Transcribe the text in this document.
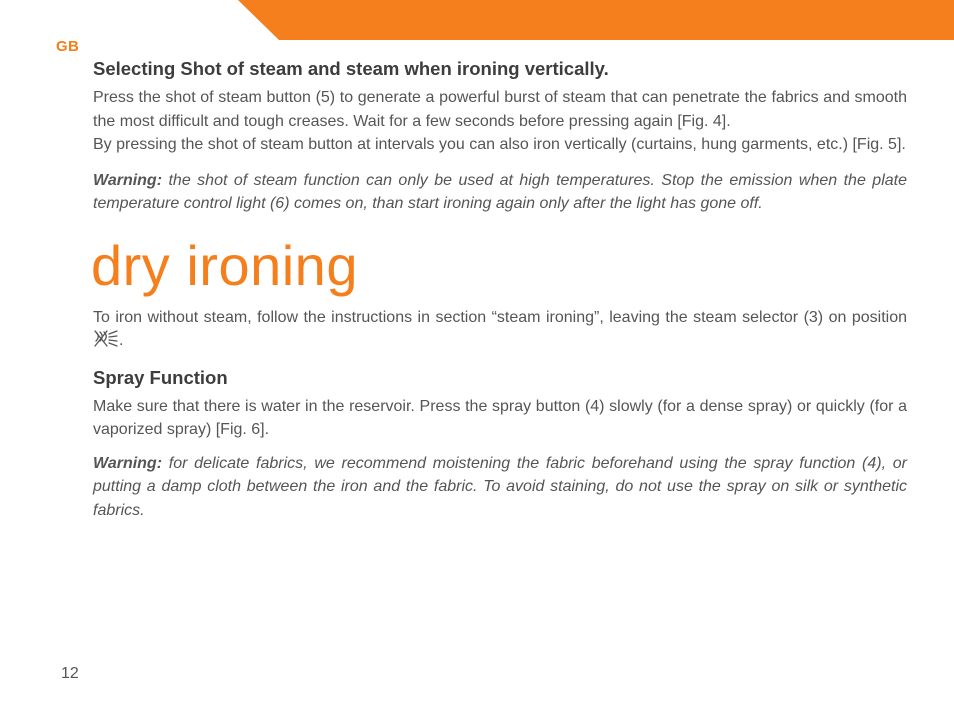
GB
Selecting Shot of steam and steam when ironing vertically.

Press the shot of steam button (5) to generate a powerful burst of steam that can penetrate the fabrics and smooth the most difficult and tough creases. Wait for a few seconds before pressing again [Fig. 4].

By pressing the shot of steam button at intervals you can also iron vertically (curtains, hung garments, etc.) [Fig. 5].

Warning: the shot of steam function can only be used at high temperatures. Stop the emission when the plate temperature control light (6) comes on, than start ironing again only after the light has gone off.

dry ironing

To iron without steam, follow the instructions in section “steam ironing”, leaving the steam selector (3) on position .

Spray Function

Make sure that there is water in the reservoir. Press the spray button (4) slowly (for a dense spray) or quickly (for a vaporized spray) [Fig. 6].

Warning: for delicate fabrics, we recommend moistening the fabric beforehand using the spray function (4), or putting a damp cloth between the iron and the fabric. To avoid staining, do not use the spray on silk or synthetic fabrics.

12
